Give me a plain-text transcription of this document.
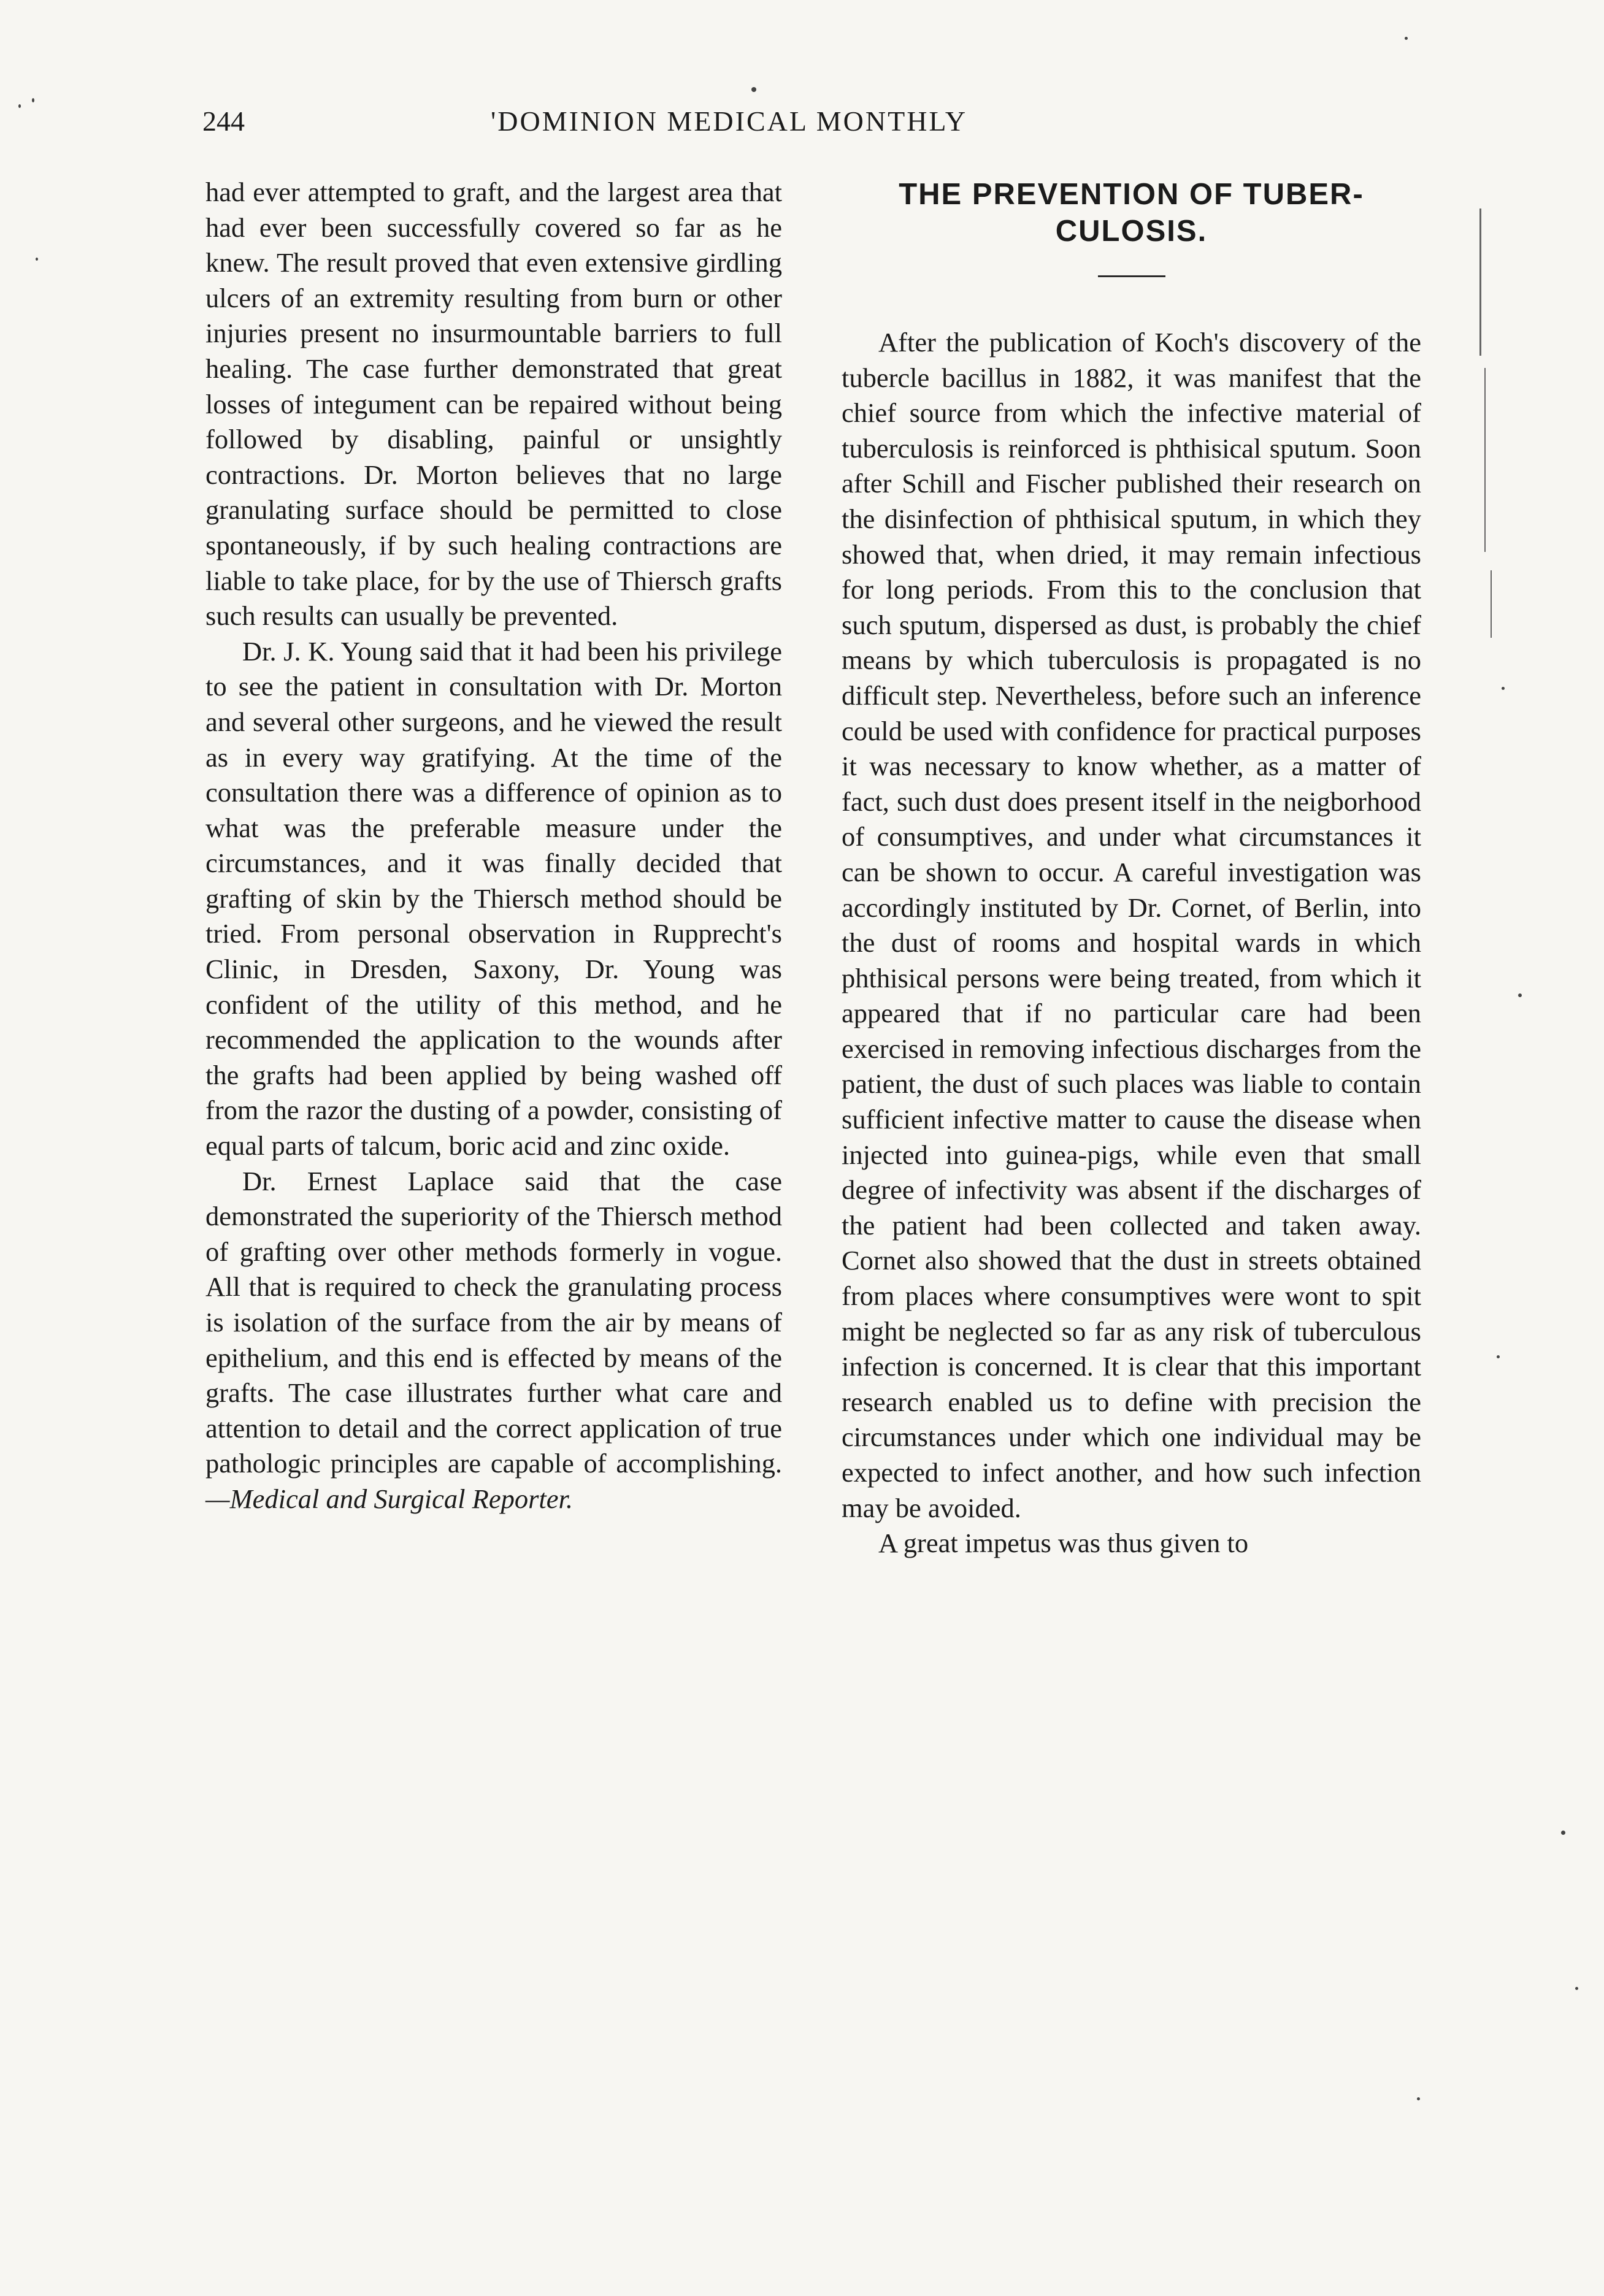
244	'DOMINION MEDICAL MONTHLY

had ever attempted to graft, and the largest area that had ever been successfully covered so far as he knew. The result proved that even extensive girdling ulcers of an extremity resulting from burn or other injuries present no insurmountable barriers to full healing. The case further demonstrated that great losses of integument can be repaired without being followed by disabling, painful or unsightly contractions. Dr. Morton believes that no large granulating surface should be permitted to close spontaneously, if by such healing contractions are liable to take place, for by the use of Thiersch grafts such results can usually be prevented.

Dr. J. K. Young said that it had been his privilege to see the patient in consultation with Dr. Morton and several other surgeons, and he viewed the result as in every way gratifying. At the time of the consultation there was a difference of opinion as to what was the preferable measure under the circumstances, and it was finally decided that grafting of skin by the Thiersch method should be tried. From personal observation in Rupprecht's Clinic, in Dresden, Saxony, Dr. Young was confident of the utility of this method, and he recommended the application to the wounds after the grafts had been applied by being washed off from the razor the dusting of a powder, consisting of equal parts of talcum, boric acid and zinc oxide.

Dr. Ernest Laplace said that the case demonstrated the superiority of the Thiersch method of grafting over other methods formerly in vogue. All that is required to check the granulating process is isolation of the surface from the air by means of epithelium, and this end is effected by means of the grafts. The case illustrates further what care and attention to detail and the correct application of true pathologic principles are capable of accomplishing.—Medical and Surgical Reporter.

THE PREVENTION OF TUBER-
CULOSIS.

After the publication of Koch's discovery of the tubercle bacillus in 1882, it was manifest that the chief source from which the infective material of tuberculosis is reinforced is phthisical sputum. Soon after Schill and Fischer published their research on the disinfection of phthisical sputum, in which they showed that, when dried, it may remain infectious for long periods. From this to the conclusion that such sputum, dispersed as dust, is probably the chief means by which tuberculosis is propagated is no difficult step. Nevertheless, before such an inference could be used with confidence for practical purposes it was necessary to know whether, as a matter of fact, such dust does present itself in the neigborhood of consumptives, and under what circumstances it can be shown to occur. A careful investigation was accordingly instituted by Dr. Cornet, of Berlin, into the dust of rooms and hospital wards in which phthisical persons were being treated, from which it appeared that if no particular care had been exercised in removing infectious discharges from the patient, the dust of such places was liable to contain sufficient infective matter to cause the disease when injected into guinea-pigs, while even that small degree of infectivity was absent if the discharges of the patient had been collected and taken away. Cornet also showed that the dust in streets obtained from places where consumptives were wont to spit might be neglected so far as any risk of tuberculous infection is concerned. It is clear that this important research enabled us to define with precision the circumstances under which one individual may be expected to infect another, and how such infection may be avoided.

A great impetus was thus given to
